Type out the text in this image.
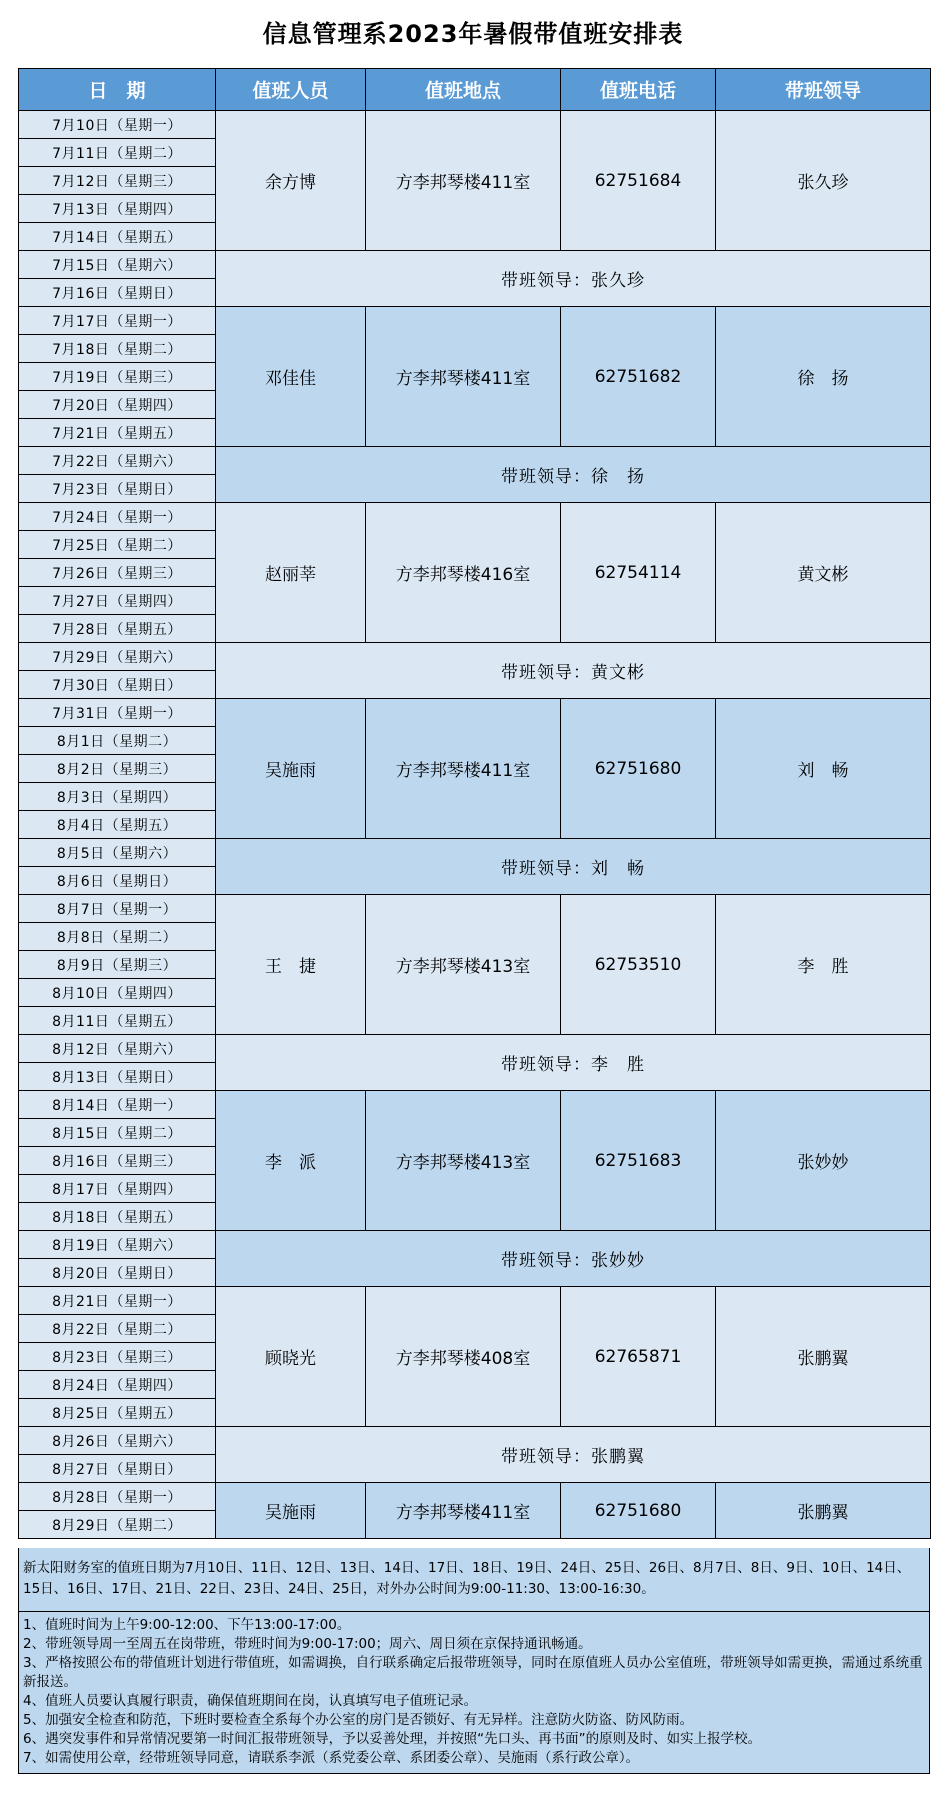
信息管理系2023年暑假带值班安排表
日　期	值班人员	值班地点	值班电话	带班领导
7月10日（星期一）	余方博	方李邦琴楼411室	62751684	张久珍
7月11日（星期二）				
7月12日（星期三）				
7月13日（星期四）				
7月14日（星期五）				
7月15日（星期六）	带班领导：张久珍			
7月16日（星期日）				
7月17日（星期一）	邓佳佳	方李邦琴楼411室	62751682	徐　扬
7月18日（星期二）				
7月19日（星期三）				
7月20日（星期四）				
7月21日（星期五）				
7月22日（星期六）	带班领导：徐　扬			
7月23日（星期日）				
7月24日（星期一）	赵丽莘	方李邦琴楼416室	62754114	黄文彬
7月25日（星期二）				
7月26日（星期三）				
7月27日（星期四）				
7月28日（星期五）				
7月29日（星期六）	带班领导：黄文彬			
7月30日（星期日）				
7月31日（星期一）	吴施雨	方李邦琴楼411室	62751680	刘　畅
8月1日（星期二）				
8月2日（星期三）				
8月3日（星期四）				
8月4日（星期五）				
8月5日（星期六）	带班领导：刘　畅			
8月6日（星期日）				
8月7日（星期一）	王　捷	方李邦琴楼413室	62753510	李　胜
8月8日（星期二）				
8月9日（星期三）				
8月10日（星期四）				
8月11日（星期五）				
8月12日（星期六）	带班领导：李　胜			
8月13日（星期日）				
8月14日（星期一）	李　派	方李邦琴楼413室	62751683	张妙妙
8月15日（星期二）				
8月16日（星期三）				
8月17日（星期四）				
8月18日（星期五）				
8月19日（星期六）	带班领导：张妙妙			
8月20日（星期日）				
8月21日（星期一）	顾晓光	方李邦琴楼408室	62765871	张鹏翼
8月22日（星期二）				
8月23日（星期三）				
8月24日（星期四）				
8月25日（星期五）				
8月26日（星期六）	带班领导：张鹏翼			
8月27日（星期日）				
8月28日（星期一）	吴施雨	方李邦琴楼411室	62751680	张鹏翼
8月29日（星期二）				
新太阳财务室的值班日期为7月10日、11日、12日、13日、14日、17日、18日、19日、24日、25日、26日、8月7日、8日、9日、10日、14日、15日、16日、17日、21日、22日、23日、24日、25日，对外办公时间为9:00-11:30、13:00-16:30。
1、值班时间为上午9:00-12:00、下午13:00-17:00。
2、带班领导周一至周五在岗带班，带班时间为9:00-17:00；周六、周日须在京保持通讯畅通。
3、严格按照公布的带值班计划进行带值班，如需调换，自行联系确定后报带班领导，同时在原值班人员办公室值班，带班领导如需更换，需通过系统重新报送。
4、值班人员要认真履行职责，确保值班期间在岗，认真填写电子值班记录。
5、加强安全检查和防范，下班时要检查全系每个办公室的房门是否锁好、有无异样。注意防火防盗、防风防雨。
6、遇突发事件和异常情况要第一时间汇报带班领导，予以妥善处理，并按照“先口头、再书面”的原则及时、如实上报学校。
7、如需使用公章，经带班领导同意，请联系李派（系党委公章、系团委公章）、吴施雨（系行政公章）。
